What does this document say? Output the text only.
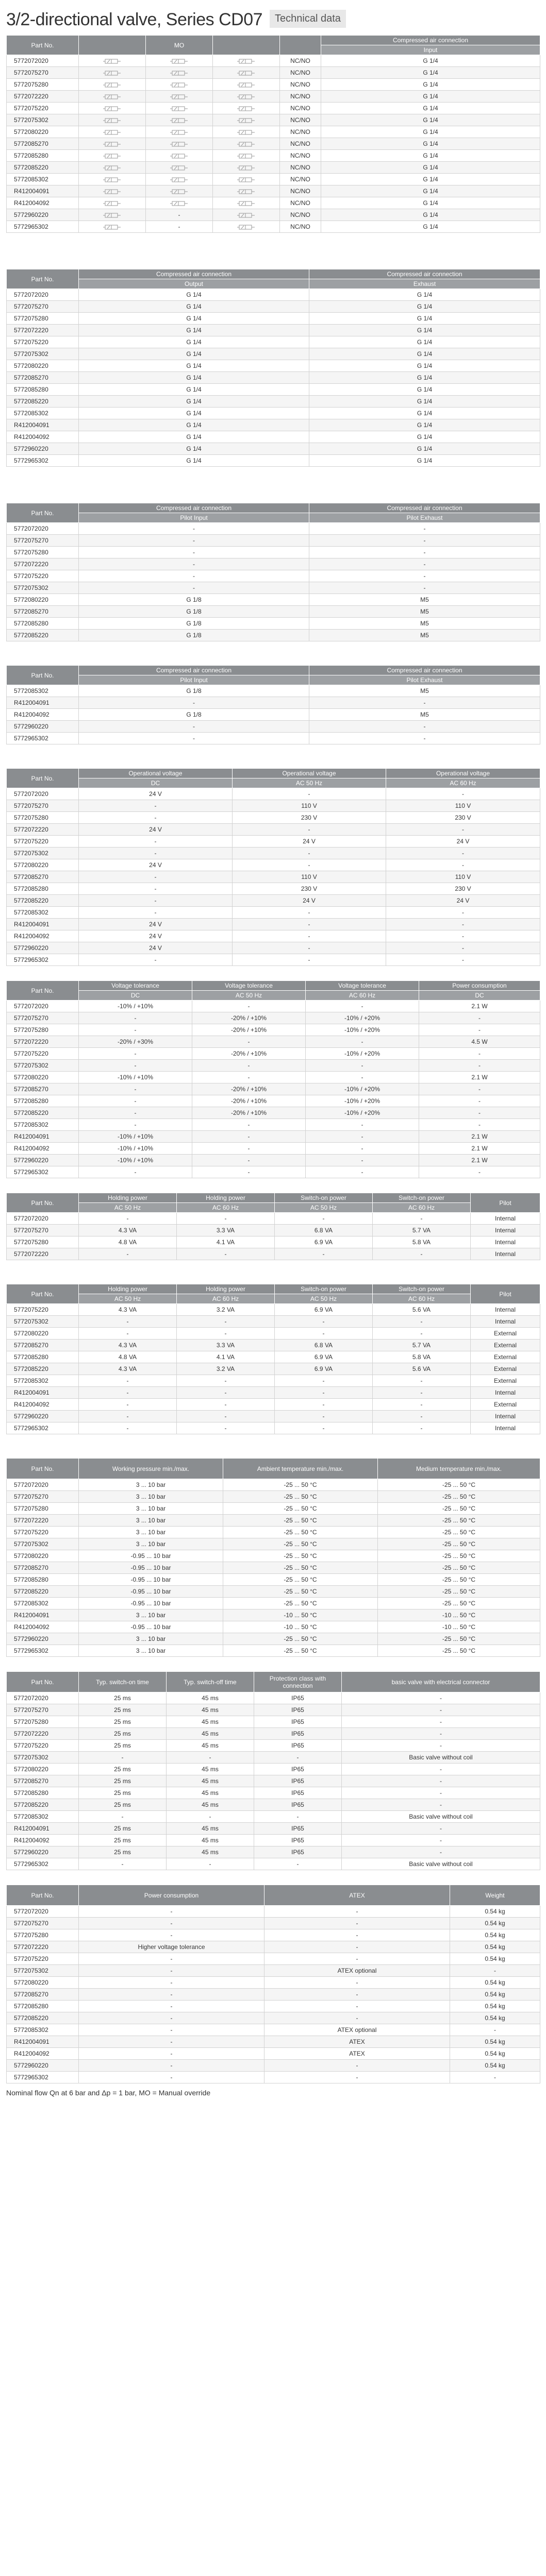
3/2-directional valve, Series CD07	Technical data
Part No.		MO			Compressed air connection
					Input
5772072020				NC/NO	G 1/4
5772075270				NC/NO	G 1/4
5772075280				NC/NO	G 1/4
5772072220				NC/NO	G 1/4
5772075220				NC/NO	G 1/4
5772075302				NC/NO	G 1/4
5772080220				NC/NO	G 1/4
5772085270				NC/NO	G 1/4
5772085280				NC/NO	G 1/4
5772085220				NC/NO	G 1/4
5772085302				NC/NO	G 1/4
R412004091				NC/NO	G 1/4
R412004092				NC/NO	G 1/4
5772960220		-		NC/NO	G 1/4
5772965302		-		NC/NO	G 1/4
Part No.	Compressed air connection	Compressed air connection
	Output	Exhaust
5772072020	G 1/4	G 1/4
5772075270	G 1/4	G 1/4
5772075280	G 1/4	G 1/4
5772072220	G 1/4	G 1/4
5772075220	G 1/4	G 1/4
5772075302	G 1/4	G 1/4
5772080220	G 1/4	G 1/4
5772085270	G 1/4	G 1/4
5772085280	G 1/4	G 1/4
5772085220	G 1/4	G 1/4
5772085302	G 1/4	G 1/4
R412004091	G 1/4	G 1/4
R412004092	G 1/4	G 1/4
5772960220	G 1/4	G 1/4
5772965302	G 1/4	G 1/4
Part No.	Compressed air connection	Compressed air connection
	Pilot Input	Pilot Exhaust
5772072020	-	-
5772075270	-	-
5772075280	-	-
5772072220	-	-
5772075220	-	-
5772075302	-	-
5772080220	G 1/8	M5
5772085270	G 1/8	M5
5772085280	G 1/8	M5
5772085220	G 1/8	M5
Part No.	Compressed air connection	Compressed air connection
	Pilot Input	Pilot Exhaust
5772085302	G 1/8	M5
R412004091	-	-
R412004092	G 1/8	M5
5772960220	-	-
5772965302	-	-
Part No.	Operational voltage	Operational voltage	Operational voltage
	DC	AC 50 Hz	AC 60 Hz
5772072020	24 V	-	-
5772075270	-	110 V	110 V
5772075280	-	230 V	230 V
5772072220	24 V	-	-
5772075220	-	24 V	24 V
5772075302	-	-	-
5772080220	24 V	-	-
5772085270	-	110 V	110 V
5772085280	-	230 V	230 V
5772085220	-	24 V	24 V
5772085302	-	-	-
R412004091	24 V	-	-
R412004092	24 V	-	-
5772960220	24 V	-	-
5772965302	-	-	-
Part No.	Voltage tolerance	Voltage tolerance	Voltage tolerance	Power consumption
	DC	AC 50 Hz	AC 60 Hz	DC
5772072020	-10% / +10%	-	-	2.1 W
5772075270	-	-20% / +10%	-10% / +20%	-
5772075280	-	-20% / +10%	-10% / +20%	-
5772072220	-20% / +30%	-	-	4.5 W
5772075220	-	-20% / +10%	-10% / +20%	-
5772075302	-	-	-	-
5772080220	-10% / +10%	-	-	2.1 W
5772085270	-	-20% / +10%	-10% / +20%	-
5772085280	-	-20% / +10%	-10% / +20%	-
5772085220	-	-20% / +10%	-10% / +20%	-
5772085302	-	-	-	-
R412004091	-10% / +10%	-	-	2.1 W
R412004092	-10% / +10%	-	-	2.1 W
5772960220	-10% / +10%	-	-	2.1 W
5772965302	-	-	-	-
Part No.	Holding power	Holding power	Switch-on power	Switch-on power	Pilot
	AC 50 Hz	AC 60 Hz	AC 50 Hz	AC 60 Hz	
5772072020	-	-	-	-	Internal
5772075270	4.3 VA	3.3 VA	6.8 VA	5.7 VA	Internal
5772075280	4.8 VA	4.1 VA	6.9 VA	5.8 VA	Internal
5772072220	-	-	-	-	Internal
Part No.	Holding power	Holding power	Switch-on power	Switch-on power	Pilot
	AC 50 Hz	AC 60 Hz	AC 50 Hz	AC 60 Hz	
5772075220	4.3 VA	3.2 VA	6.9 VA	5.6 VA	Internal
5772075302	-	-	-	-	Internal
5772080220	-	-	-	-	External
5772085270	4.3 VA	3.3 VA	6.8 VA	5.7 VA	External
5772085280	4.8 VA	4.1 VA	6.9 VA	5.8 VA	External
5772085220	4.3 VA	3.2 VA	6.9 VA	5.6 VA	External
5772085302	-	-	-	-	External
R412004091	-	-	-	-	Internal
R412004092	-	-	-	-	External
5772960220	-	-	-	-	Internal
5772965302	-	-	-	-	Internal
Part No.	Working pressure min./max.	Ambient temperature min./max.	Medium temperature min./max.
5772072020	3 ... 10 bar	-25 ... 50 °C	-25 ... 50 °C
5772075270	3 ... 10 bar	-25 ... 50 °C	-25 ... 50 °C
5772075280	3 ... 10 bar	-25 ... 50 °C	-25 ... 50 °C
5772072220	3 ... 10 bar	-25 ... 50 °C	-25 ... 50 °C
5772075220	3 ... 10 bar	-25 ... 50 °C	-25 ... 50 °C
5772075302	3 ... 10 bar	-25 ... 50 °C	-25 ... 50 °C
5772080220	-0.95 ... 10 bar	-25 ... 50 °C	-25 ... 50 °C
5772085270	-0.95 ... 10 bar	-25 ... 50 °C	-25 ... 50 °C
5772085280	-0.95 ... 10 bar	-25 ... 50 °C	-25 ... 50 °C
5772085220	-0.95 ... 10 bar	-25 ... 50 °C	-25 ... 50 °C
5772085302	-0.95 ... 10 bar	-25 ... 50 °C	-25 ... 50 °C
R412004091	3 ... 10 bar	-10 ... 50 °C	-10 ... 50 °C
R412004092	-0.95 ... 10 bar	-10 ... 50 °C	-10 ... 50 °C
5772960220	3 ... 10 bar	-25 ... 50 °C	-25 ... 50 °C
5772965302	3 ... 10 bar	-25 ... 50 °C	-25 ... 50 °C
Part No.	Typ. switch-on time	Typ. switch-off time	Protection class with connection	basic valve with electrical connector
5772072020	25 ms	45 ms	IP65	-
5772075270	25 ms	45 ms	IP65	-
5772075280	25 ms	45 ms	IP65	-
5772072220	25 ms	45 ms	IP65	-
5772075220	25 ms	45 ms	IP65	-
5772075302	-	-	-	Basic valve without coil
5772080220	25 ms	45 ms	IP65	-
5772085270	25 ms	45 ms	IP65	-
5772085280	25 ms	45 ms	IP65	-
5772085220	25 ms	45 ms	IP65	-
5772085302	-	-	-	Basic valve without coil
R412004091	25 ms	45 ms	IP65	-
R412004092	25 ms	45 ms	IP65	-
5772960220	25 ms	45 ms	IP65	-
5772965302	-	-	-	Basic valve without coil
Part No.	Power consumption	ATEX	Weight
5772072020	-	-	0.54 kg
5772075270	-	-	0.54 kg
5772075280	-	-	0.54 kg
5772072220	Higher voltage tolerance	-	0.54 kg
5772075220	-	-	0.54 kg
5772075302	-	ATEX optional	-
5772080220	-	-	0.54 kg
5772085270	-	-	0.54 kg
5772085280	-	-	0.54 kg
5772085220	-	-	0.54 kg
5772085302	-	ATEX optional	-
R412004091	-	ATEX	0.54 kg
R412004092	-	ATEX	0.54 kg
5772960220	-	-	0.54 kg
5772965302	-	-	-
Nominal flow Qn at 6 bar and Δp = 1 bar, MO = Manual override
